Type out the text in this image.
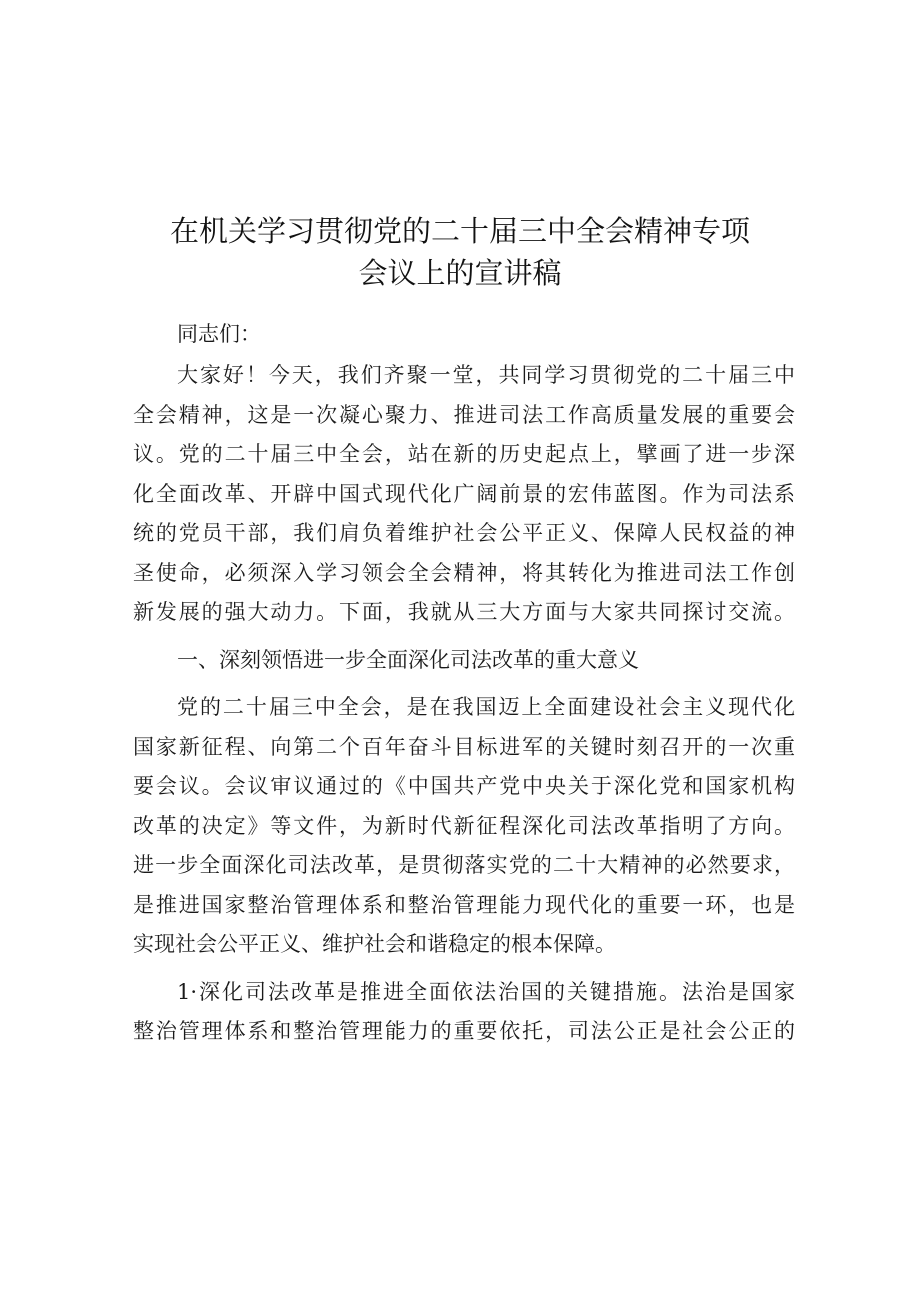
在机关学习贯彻党的二十届三中全会精神专项
会议上的宣讲稿
同志们：
大家好！今天，我们齐聚一堂，共同学习贯彻党的二十届三中
全会精神，这是一次凝心聚力、推进司法工作高质量发展的重要会
议。党的二十届三中全会，站在新的历史起点上，擘画了进一步深
化全面改革、开辟中国式现代化广阔前景的宏伟蓝图。作为司法系
统的党员干部，我们肩负着维护社会公平正义、保障人民权益的神
圣使命，必须深入学习领会全会精神，将其转化为推进司法工作创
新发展的强大动力。下面，我就从三大方面与大家共同探讨交流。
一、深刻领悟进一步全面深化司法改革的重大意义
党的二十届三中全会，是在我国迈上全面建设社会主义现代化
国家新征程、向第二个百年奋斗目标进军的关键时刻召开的一次重
要会议。会议审议通过的《中国共产党中央关于深化党和国家机构
改革的决定》等文件，为新时代新征程深化司法改革指明了方向。
进一步全面深化司法改革，是贯彻落实党的二十大精神的必然要求，
是推进国家整治管理体系和整治管理能力现代化的重要一环，也是
实现社会公平正义、维护社会和谐稳定的根本保障。
1·深化司法改革是推进全面依法治国的关键措施。法治是国家
整治管理体系和整治管理能力的重要依托，司法公正是社会公正的
